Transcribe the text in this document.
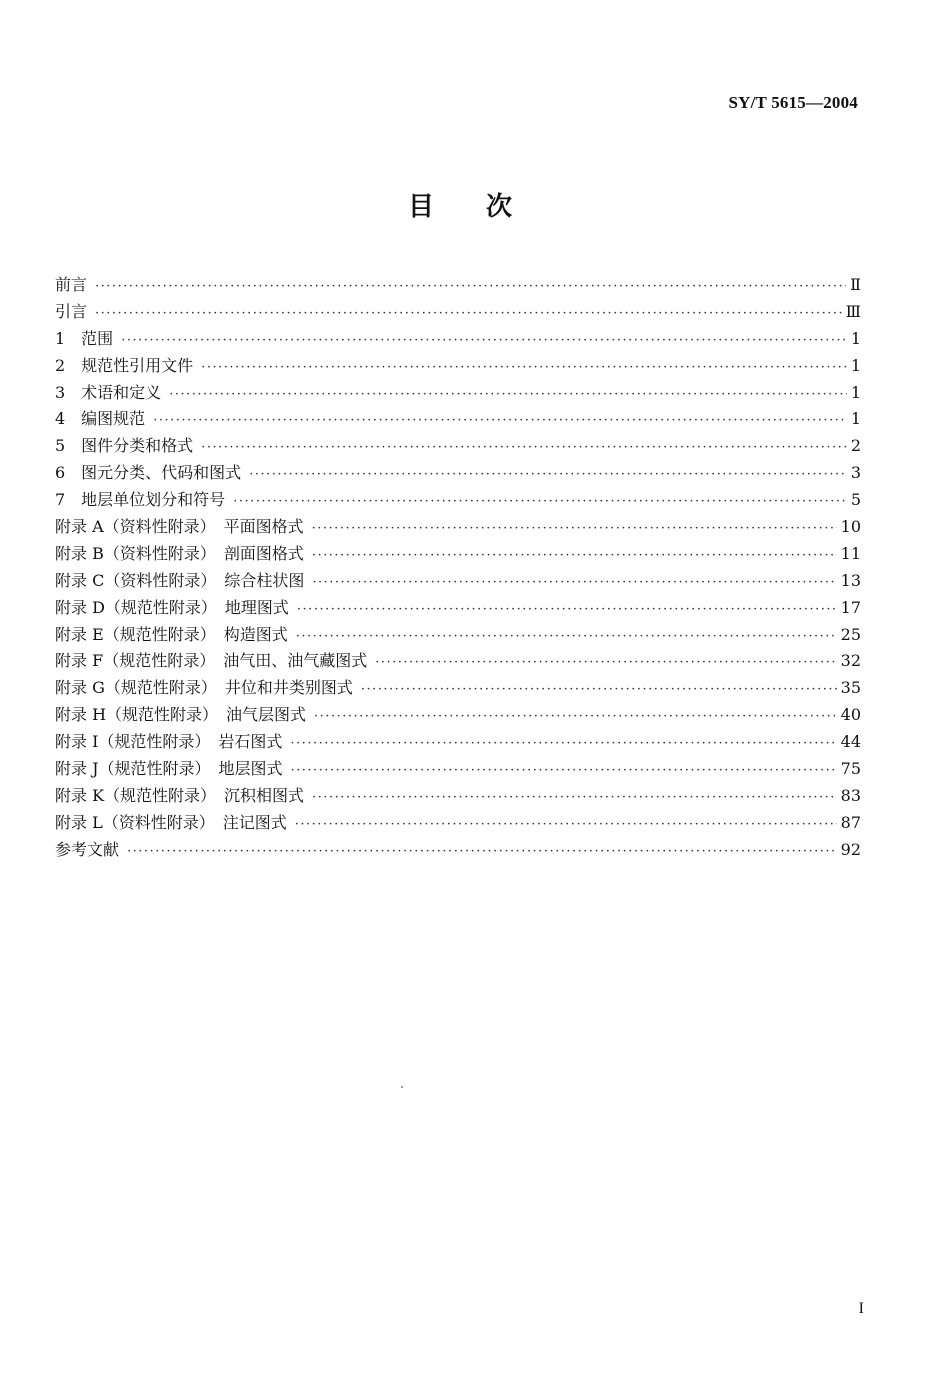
SY/T 5615—2004
目 次
前言 ·····	Ⅱ
引言 ·····	Ⅲ
1　范围 ·····	1
2　规范性引用文件 ·····	1
3　术语和定义 ·····	1
4　编图规范 ·····	1
5　图件分类和格式 ·····	2
6　图元分类、代码和图式 ·····	3
7　地层单位划分和符号 ·····	5
附录 A（资料性附录）　平面图格式 ·····	10
附录 B（资料性附录）　剖面图格式 ·····	11
附录 C（资料性附录）　综合柱状图 ·····	13
附录 D（规范性附录）　地理图式 ·····	17
附录 E（规范性附录）　构造图式 ·····	25
附录 F（规范性附录）　油气田、油气藏图式 ·····	32
附录 G（规范性附录）　井位和井类别图式 ·····	35
附录 H（规范性附录）　油气层图式 ·····	40
附录 I（规范性附录）　岩石图式 ·····	44
附录 J（规范性附录）　地层图式 ·····	75
附录 K（规范性附录）　沉积相图式 ·····	83
附录 L（资料性附录）　注记图式 ·····	87
参考文献 ·····	92
I
